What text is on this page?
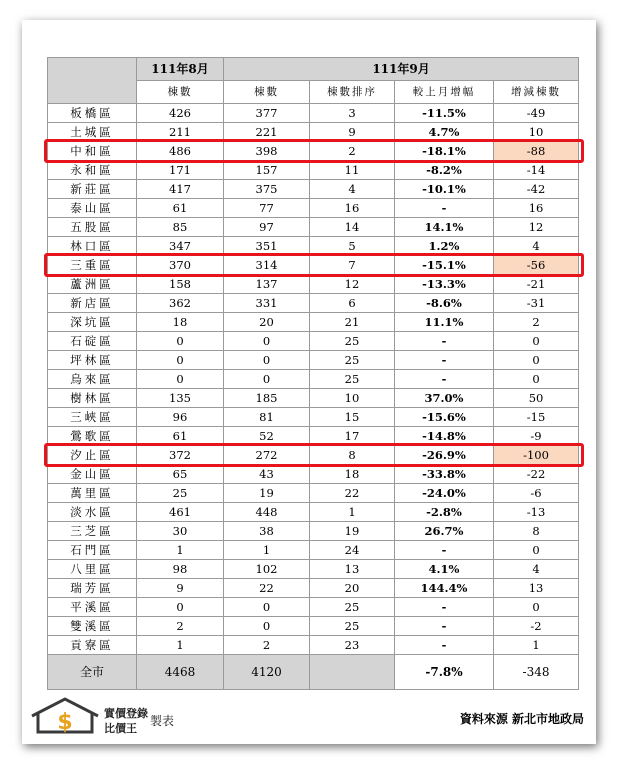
	111年8月	111年9月			
	棟數	棟數	棟數排序	較上月增幅	增減棟數
板橋區	426	377	3	-11.5%	-49
土城區	211	221	9	4.7%	10
中和區	486	398	2	-18.1%	-88
永和區	171	157	11	-8.2%	-14
新莊區	417	375	4	-10.1%	-42
泰山區	61	77	16	-	16
五股區	85	97	14	14.1%	12
林口區	347	351	5	1.2%	4
三重區	370	314	7	-15.1%	-56
蘆洲區	158	137	12	-13.3%	-21
新店區	362	331	6	-8.6%	-31
深坑區	18	20	21	11.1%	2
石碇區	0	0	25	-	0
坪林區	0	0	25	-	0
烏來區	0	0	25	-	0
樹林區	135	185	10	37.0%	50
三峽區	96	81	15	-15.6%	-15
鶯歌區	61	52	17	-14.8%	-9
汐止區	372	272	8	-26.9%	-100
金山區	65	43	18	-33.8%	-22
萬里區	25	19	22	-24.0%	-6
淡水區	461	448	1	-2.8%	-13
三芝區	30	38	19	26.7%	8
石門區	1	1	24	-	0
八里區	98	102	13	4.1%	4
瑞芳區	9	22	20	144.4%	13
平溪區	0	0	25	-	0
雙溪區	2	0	25	-	-2
貢寮區	1	2	23	-	1
全市	4468	4120		-7.8%	-348
$	實價登錄
比價王
製表	資料來源 新北市地政局
